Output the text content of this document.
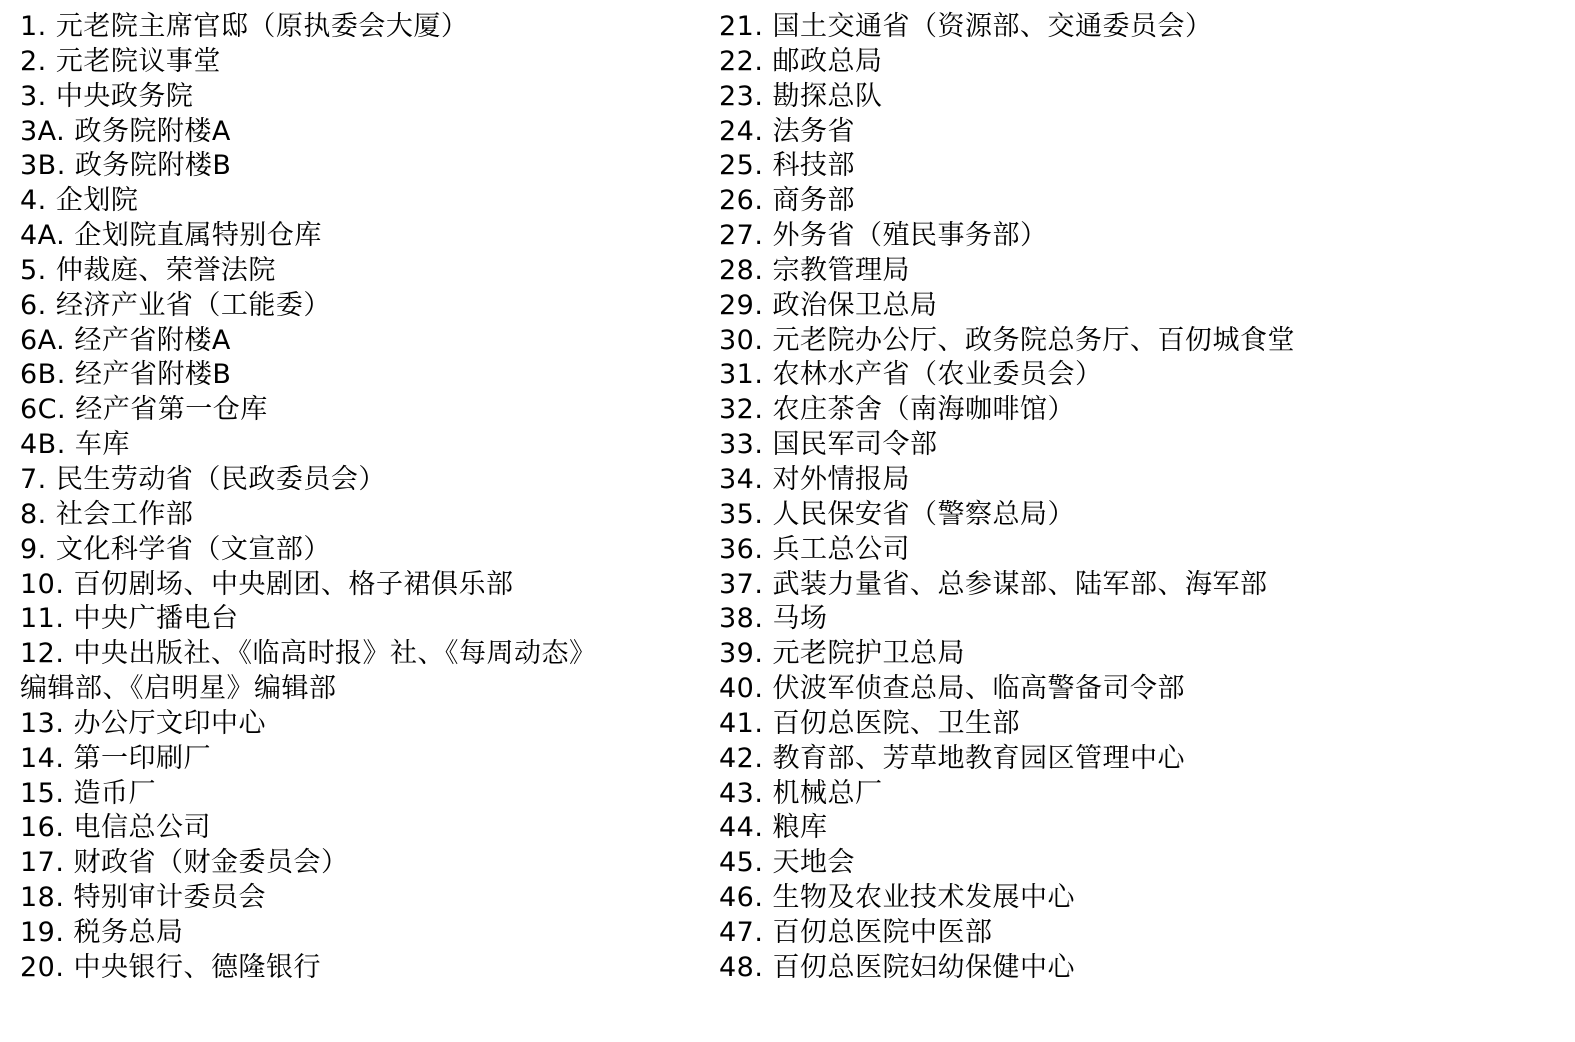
1. 元老院主席官邸（原执委会大厦）
2. 元老院议事堂
3. 中央政务院
3A. 政务院附楼A
3B. 政务院附楼B
4. 企划院
4A. 企划院直属特别仓库
5. 仲裁庭、荣誉法院
6. 经济产业省（工能委）
6A. 经产省附楼A
6B. 经产省附楼B
6C. 经产省第一仓库
4B. 车库
7. 民生劳动省（民政委员会）
8. 社会工作部
9. 文化科学省（文宣部）
10. 百仞剧场、中央剧团、格子裙俱乐部
11. 中央广播电台
12. 中央出版社、《临高时报》社、《每周动态》
编辑部、《启明星》编辑部
13. 办公厅文印中心
14. 第一印刷厂
15. 造币厂
16. 电信总公司
17. 财政省（财金委员会）
18. 特别审计委员会
19. 税务总局
20. 中央银行、德隆银行
21. 国土交通省（资源部、交通委员会）
22. 邮政总局
23. 勘探总队
24. 法务省
25. 科技部
26. 商务部
27. 外务省（殖民事务部）
28. 宗教管理局
29. 政治保卫总局
30. 元老院办公厅、政务院总务厅、百仞城食堂
31. 农林水产省（农业委员会）
32. 农庄茶舍（南海咖啡馆）
33. 国民军司令部
34. 对外情报局
35. 人民保安省（警察总局）
36. 兵工总公司
37. 武装力量省、总参谋部、陆军部、海军部
38. 马场
39. 元老院护卫总局
40. 伏波军侦查总局、临高警备司令部
41. 百仞总医院、卫生部
42. 教育部、芳草地教育园区管理中心
43. 机械总厂
44. 粮库
45. 天地会
46. 生物及农业技术发展中心
47. 百仞总医院中医部
48. 百仞总医院妇幼保健中心
